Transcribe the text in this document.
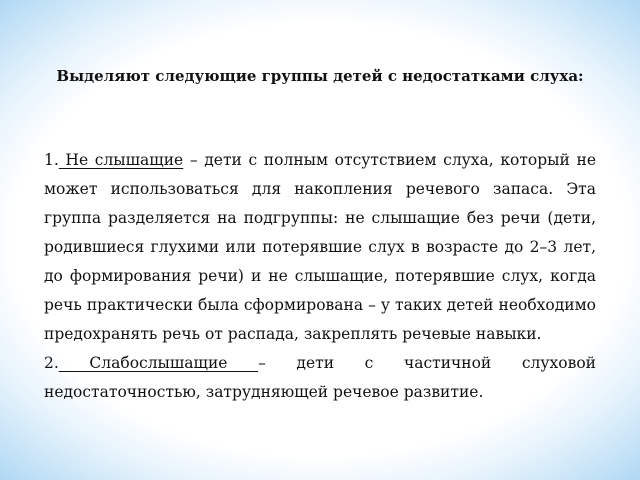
Выделяют следующие группы детей с недостатками слуха:

1. Не слышащие – дети с полным отсутствием слуха, который не может использоваться для накопления речевого запаса. Эта группа разделяется на подгруппы: не слышащие без речи (дети, родившиеся глухими или потерявшие слух в возрасте до 2–3 лет, до формирования речи) и не слышащие, потерявшие слух, когда речь практически была сформирована – у таких детей необходимо предохранять речь от распада, закреплять речевые навыки.

2. Слабослышащие – дети с частичной слуховой недостаточностью, затрудняющей речевое развитие.
